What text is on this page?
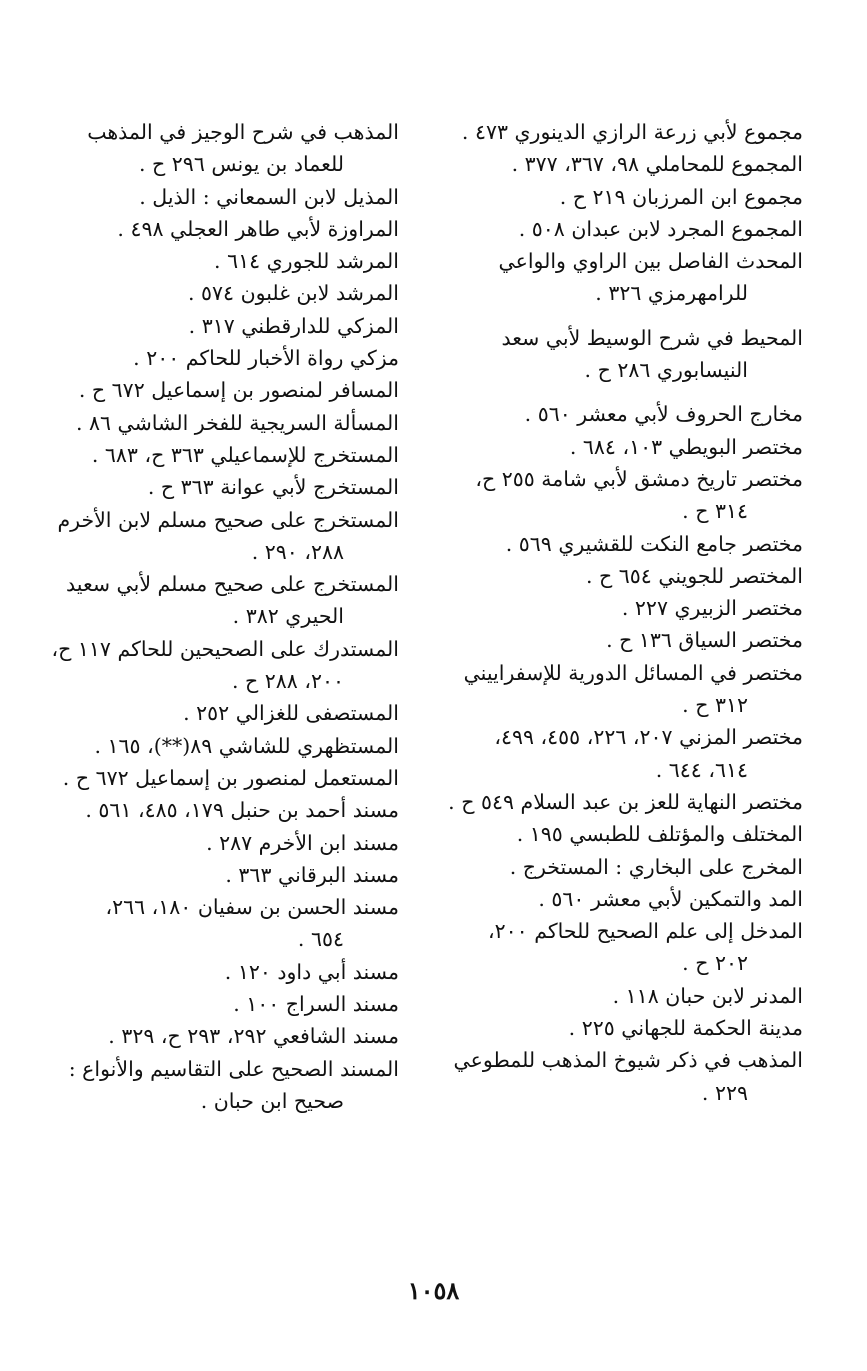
مجموع لأبي زرعة الرازي الدينوري ٤٧٣ .
المجموع للمحاملي ٩٨، ٣٦٧، ٣٧٧ .
مجموع ابن المرزبان ٢١٩ ح .
المجموع المجرد لابن عبدان ٥٠٨ .
المحدث الفاصل بين الراوي والواعي
للرامهرمزي ٣٢٦ .
المحيط في شرح الوسيط لأبي سعد
النيسابوري ٢٨٦ ح .
مخارج الحروف لأبي معشر ٥٦٠ .
مختصر البويطي ١٠٣، ٦٨٤ .
مختصر تاريخ دمشق لأبي شامة ٢٥٥ ح،
٣١٤ ح .
مختصر جامع النكت للقشيري ٥٦٩ .
المختصر للجويني ٦٥٤ ح .
مختصر الزبيري ٢٢٧ .
مختصر السياق ١٣٦ ح .
مختصر في المسائل الدورية للإسفراييني
٣١٢ ح .
مختصر المزني ٢٠٧، ٢٢٦، ٤٥٥، ٤٩٩،
٦١٤، ٦٤٤ .
مختصر النهاية للعز بن عبد السلام ٥٤٩ ح .
المختلف والمؤتلف للطبسي ١٩٥ .
المخرج على البخاري : المستخرج .
المد والتمكين لأبي معشر ٥٦٠ .
المدخل إلى علم الصحيح للحاكم ٢٠٠،
٢٠٢ ح .
المدنر لابن حبان ١١٨ .
مدينة الحكمة للجهاني ٢٢٥ .
المذهب في ذكر شيوخ المذهب للمطوعي
٢٢٩ .
المذهب في شرح الوجيز في المذهب
للعماد بن يونس ٢٩٦ ح .
المذيل لابن السمعاني : الذيل .
المراوزة لأبي طاهر العجلي ٤٩٨ .
المرشد للجوري ٦١٤ .
المرشد لابن غلبون ٥٧٤ .
المزكي للدارقطني ٣١٧ .
مزكي رواة الأخبار للحاكم ٢٠٠ .
المسافر لمنصور بن إسماعيل ٦٧٢ ح .
المسألة السريجية للفخر الشاشي ٨٦ .
المستخرج للإسماعيلي ٣٦٣ ح، ٦٨٣ .
المستخرج لأبي عوانة ٣٦٣ ح .
المستخرج على صحيح مسلم لابن الأخرم
٢٨٨، ٢٩٠ .
المستخرج على صحيح مسلم لأبي سعيد
الحيري ٣٨٢ .
المستدرك على الصحيحين للحاكم ١١٧ ح،
٢٠٠، ٢٨٨ ح .
المستصفى للغزالي ٢٥٢ .
المستظهري للشاشي ٨٩(**)، ١٦٥ .
المستعمل لمنصور بن إسماعيل ٦٧٢ ح .
مسند أحمد بن حنبل ١٧٩، ٤٨٥، ٥٦١ .
مسند ابن الأخرم ٢٨٧ .
مسند البرقاني ٣٦٣ .
مسند الحسن بن سفيان ١٨٠، ٢٦٦،
٦٥٤ .
مسند أبي داود ١٢٠ .
مسند السراج ١٠٠ .
مسند الشافعي ٢٩٢، ٢٩٣ ح، ٣٢٩ .
المسند الصحيح على التقاسيم والأنواع :
صحيح ابن حبان .
١٠٥٨
